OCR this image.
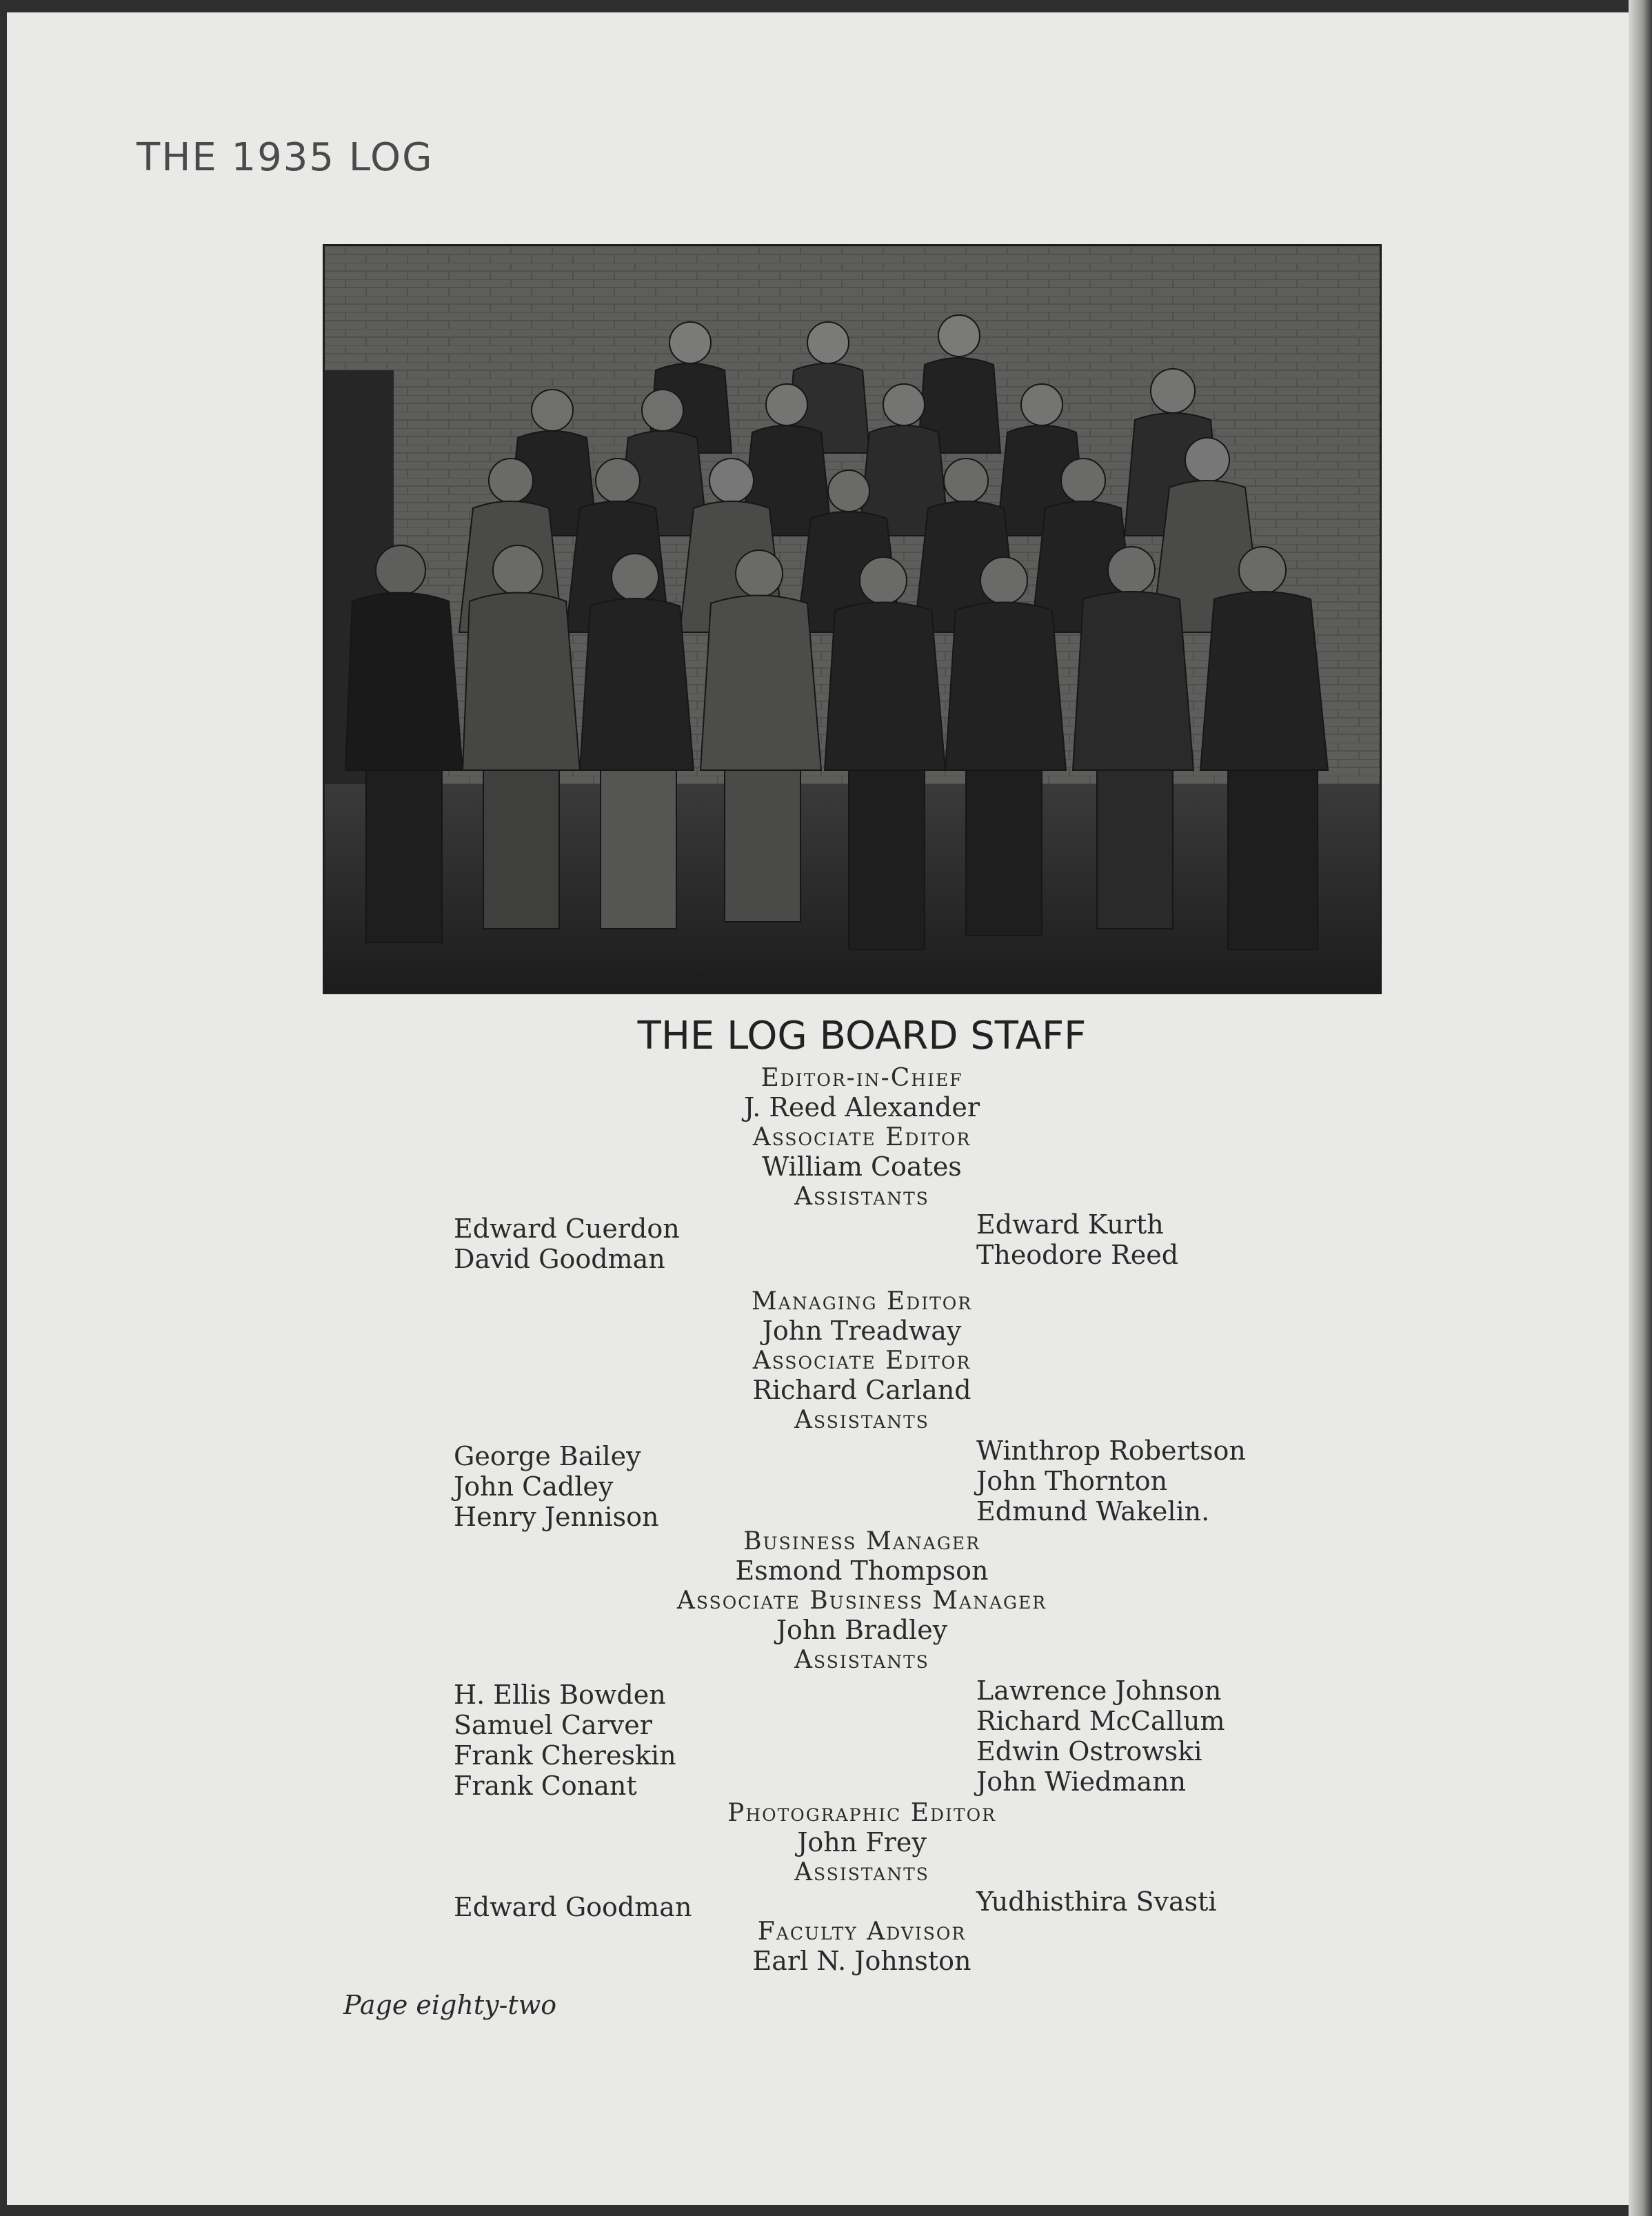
THE 1935 LOG
THE LOG BOARD STAFF
Editor-in-Chief
J. Reed Alexander
Associate Editor
William Coates
Assistants
Edward Cuerdon
David Goodman
Edward Kurth
Theodore Reed
Managing Editor
John Treadway
Associate Editor
Richard Carland
Assistants
George Bailey
John Cadley
Henry Jennison
Winthrop Robertson
John Thornton
Edmund Wakelin.
Business Manager
Esmond Thompson
Associate Business Manager
John Bradley
Assistants
H. Ellis Bowden
Samuel Carver
Frank Chereskin
Frank Conant
Lawrence Johnson
Richard McCallum
Edwin Ostrowski
John Wiedmann
Photographic Editor
John Frey
Assistants
Edward Goodman	Yudhisthira Svasti
Faculty Advisor
Earl N. Johnston
Page eighty-two
